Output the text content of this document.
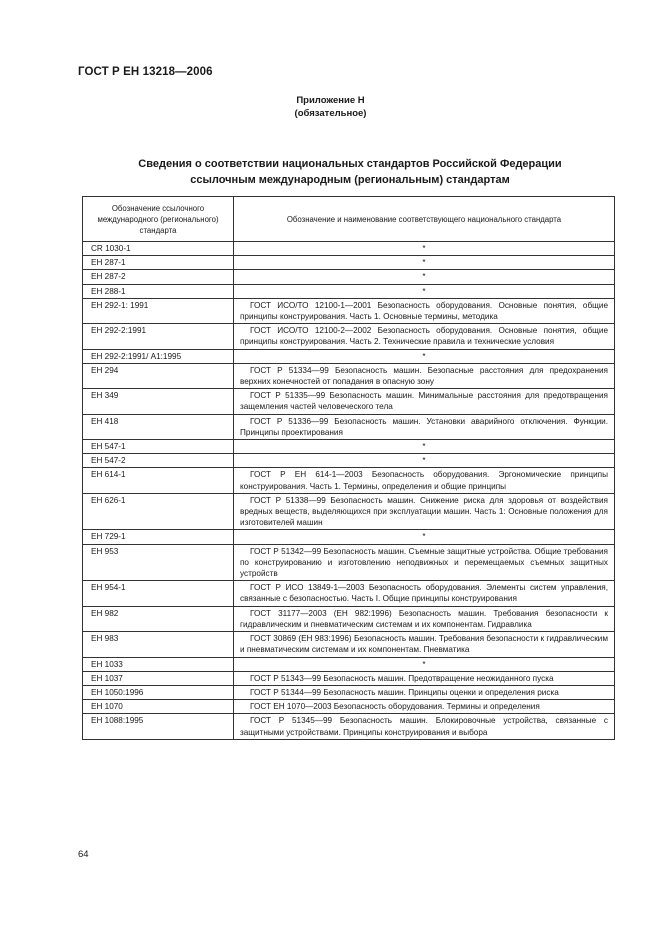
ГОСТ Р ЕН 13218—2006
Приложение Н
(обязательное)
Сведения о соответствии национальных стандартов Российской Федерации
ссылочным международным (региональным) стандартам
Обозначение ссылочного международного (регионального) стандарта	Обозначение и наименование соответствующего национального стандарта
CR 1030-1	*
ЕН 287-1	*
ЕН 287-2	*
ЕН 288-1	*
ЕН 292-1: 1991	ГОСТ ИСО/ТО 12100-1—2001 Безопасность оборудования. Основные понятия, общие принципы конструирования. Часть 1. Основные термины, методика
ЕН 292-2:1991	ГОСТ ИСО/ТО 12100-2—2002 Безопасность оборудования. Основные понятия, общие принципы конструирования. Часть 2. Технические правила и технические условия
ЕН 292-2:1991/ А1:1995	*
ЕН 294	ГОСТ Р 51334—99 Безопасность машин. Безопасные расстояния для предохранения верхних конечностей от попадания в опасную зону
ЕН 349	ГОСТ Р 51335—99 Безопасность машин. Минимальные расстояния для предотвращения защемления частей человеческого тела
ЕН 418	ГОСТ Р 51336—99 Безопасность машин. Установки аварийного отключения. Функции. Принципы проектирования
ЕН 547-1	*
ЕН 547-2	*
ЕН 614-1	ГОСТ Р ЕН 614-1—2003 Безопасность оборудования. Эргономические принципы конструирования. Часть 1. Термины, определения и общие принципы
ЕН 626-1	ГОСТ Р 51338—99 Безопасность машин. Снижение риска для здоровья от воздействия вредных веществ, выделяющихся при эксплуатации машин. Часть 1: Основные положения для изготовителей машин
ЕН 729-1	*
ЕН 953	ГОСТ Р 51342—99 Безопасность машин. Съемные защитные устройства. Общие требования по конструированию и изготовлению неподвижных и перемещаемых съемных защитных устройств
ЕН 954-1	ГОСТ Р ИСО 13849-1—2003 Безопасность оборудования. Элементы систем управления, связанные с безопасностью. Часть I. Общие принципы конструирования
ЕН 982	ГОСТ 31177—2003 (ЕН 982:1996) Безопасность машин. Требования безопасности к гидравлическим и пневматическим системам и их компонентам. Гидравлика
ЕН 983	ГОСТ 30869 (ЕН 983:1996) Безопасность машин. Требования безопасности к гидравлическим и пневматическим системам и их компонентам. Пневматика
ЕН 1033	*
ЕН 1037	ГОСТ Р 51343—99 Безопасность машин. Предотвращение неожиданного пуска
ЕН 1050:1996	ГОСТ Р 51344—99 Безопасность машин. Принципы оценки и определения риска
ЕН 1070	ГОСТ ЕН 1070—2003 Безопасность оборудования. Термины и определения
ЕН 1088:1995	ГОСТ Р 51345—99 Безопасность машин. Блокировочные устройства, связанные с защитными устройствами. Принципы конструирования и выбора
64
